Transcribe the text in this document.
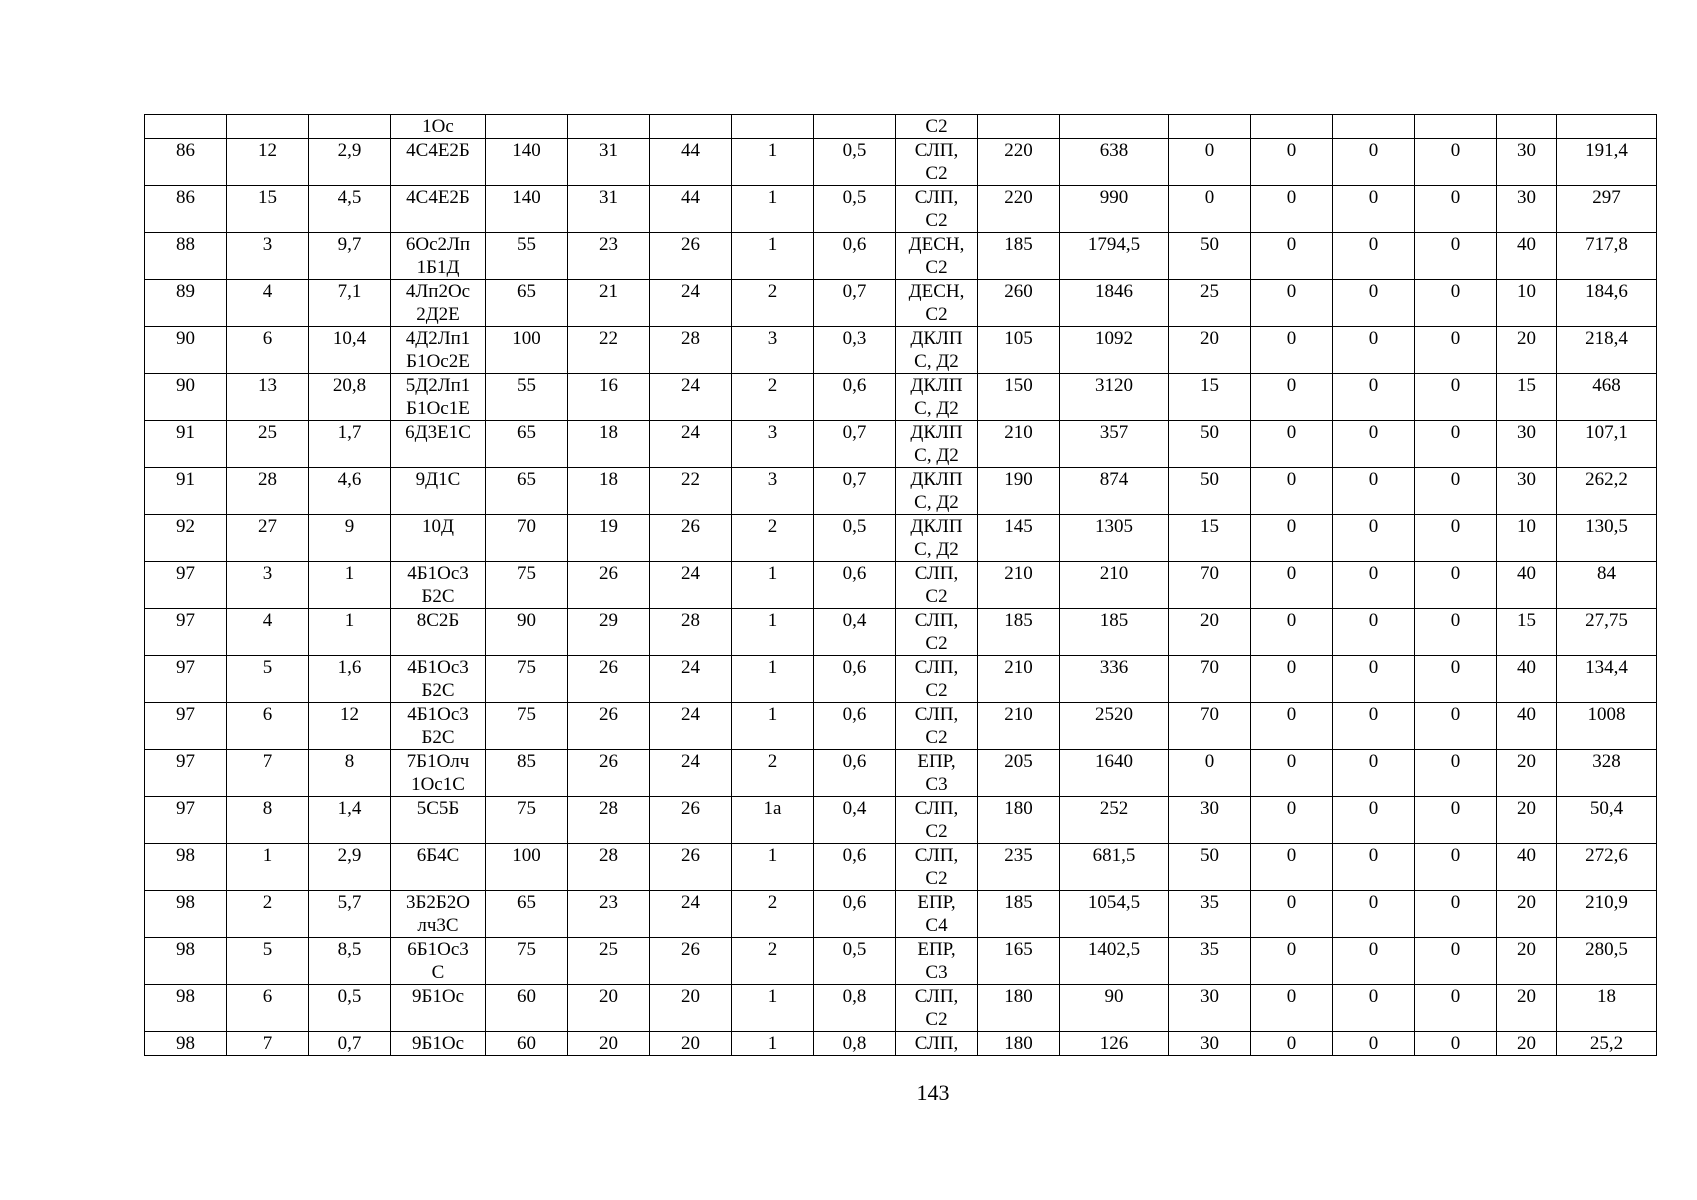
			1Ос						С2								

86	12	2,9	4С4Е2Б	140	31	44	1	0,5	СЛП,
С2	220	638	0	0	0	0	30	191,4

86	15	4,5	4С4Е2Б	140	31	44	1	0,5	СЛП,
С2	220	990	0	0	0	0	30	297

88	3	9,7	6Ос2Лп
1Б1Д	55	23	26	1	0,6	ДЕСН,
С2	185	1794,5	50	0	0	0	40	717,8

89	4	7,1	4Лп2Ос
2Д2Е	65	21	24	2	0,7	ДЕСН,
С2	260	1846	25	0	0	0	10	184,6

90	6	10,4	4Д2Лп1
Б1Ос2Е	100	22	28	3	0,3	ДКЛП
С, Д2	105	1092	20	0	0	0	20	218,4

90	13	20,8	5Д2Лп1
Б1Ос1Е	55	16	24	2	0,6	ДКЛП
С, Д2	150	3120	15	0	0	0	15	468

91	25	1,7	6Д3Е1С	65	18	24	3	0,7	ДКЛП
С, Д2	210	357	50	0	0	0	30	107,1

91	28	4,6	9Д1С	65	18	22	3	0,7	ДКЛП
С, Д2	190	874	50	0	0	0	30	262,2

92	27	9	10Д	70	19	26	2	0,5	ДКЛП
С, Д2	145	1305	15	0	0	0	10	130,5

97	3	1	4Б1Ос3
Б2С	75	26	24	1	0,6	СЛП,
С2	210	210	70	0	0	0	40	84

97	4	1	8С2Б	90	29	28	1	0,4	СЛП,
С2	185	185	20	0	0	0	15	27,75

97	5	1,6	4Б1Ос3
Б2С	75	26	24	1	0,6	СЛП,
С2	210	336	70	0	0	0	40	134,4

97	6	12	4Б1Ос3
Б2С	75	26	24	1	0,6	СЛП,
С2	210	2520	70	0	0	0	40	1008

97	7	8	7Б1Олч
1Ос1С	85	26	24	2	0,6	ЕПР,
С3	205	1640	0	0	0	0	20	328

97	8	1,4	5С5Б	75	28	26	1а	0,4	СЛП,
С2	180	252	30	0	0	0	20	50,4

98	1	2,9	6Б4С	100	28	26	1	0,6	СЛП,
С2	235	681,5	50	0	0	0	40	272,6

98	2	5,7	3Б2Б2О
лч3С	65	23	24	2	0,6	ЕПР,
С4	185	1054,5	35	0	0	0	20	210,9

98	5	8,5	6Б1Ос3
С	75	25	26	2	0,5	ЕПР,
С3	165	1402,5	35	0	0	0	20	280,5

98	6	0,5	9Б1Ос	60	20	20	1	0,8	СЛП,
С2	180	90	30	0	0	0	20	18

98	7	0,7	9Б1Ос	60	20	20	1	0,8	СЛП,	180	126	30	0	0	0	20	25,2
143
